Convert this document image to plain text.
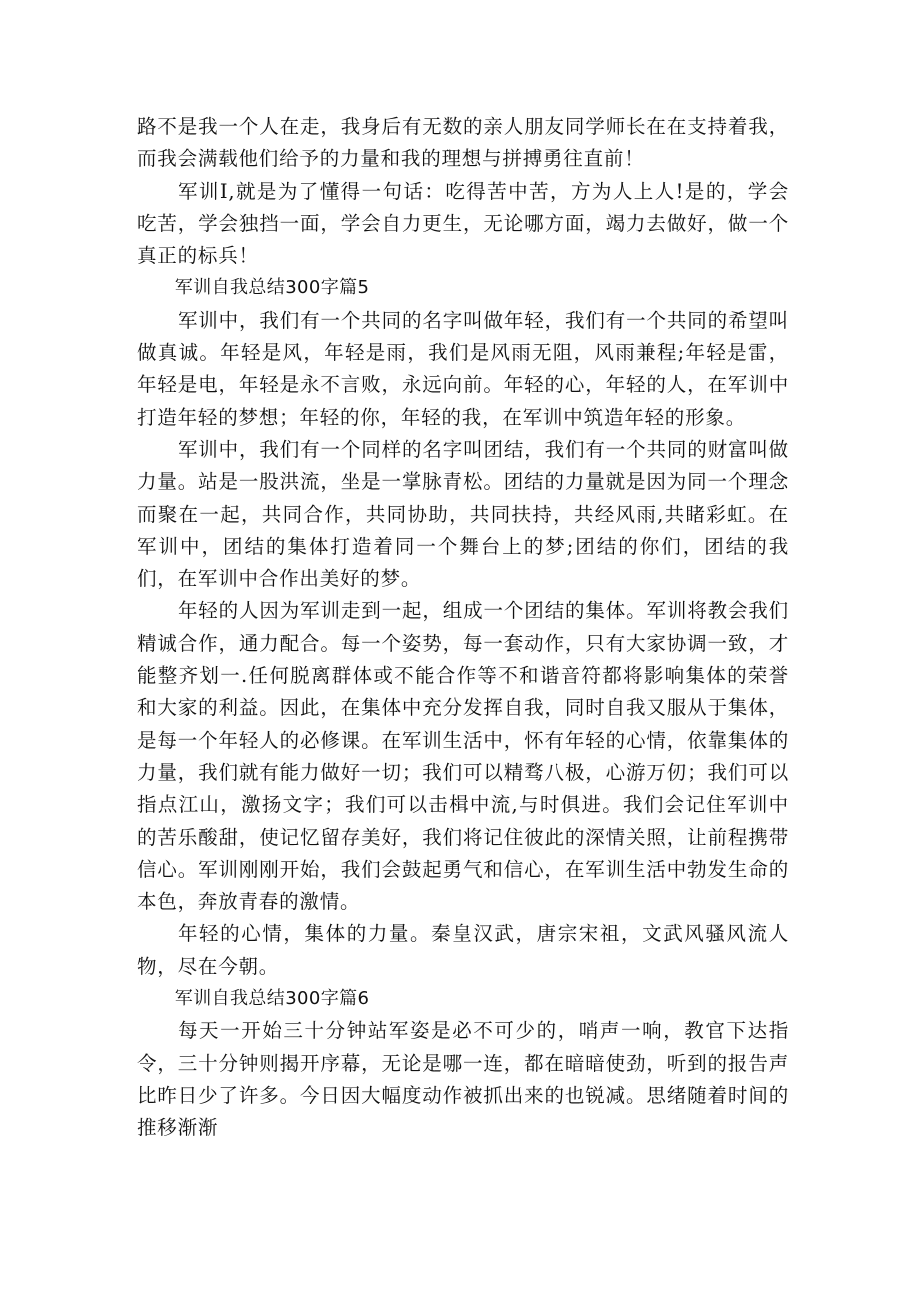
路不是我一个人在走，我身后有无数的亲人朋友同学师长在在支持着我，而我会满载他们给予的力量和我的理想与拼搏勇往直前！

军训I,就是为了懂得一句话：吃得苦中苦，方为人上人!是的，学会吃苦，学会独挡一面，学会自力更生，无论哪方面，竭力去做好，做一个真正的标兵！

军训自我总结300字篇5

军训中，我们有一个共同的名字叫做年轻，我们有一个共同的希望叫做真诚。年轻是风，年轻是雨，我们是风雨无阻，风雨兼程;年轻是雷，年轻是电，年轻是永不言败，永远向前。年轻的心，年轻的人，在军训中打造年轻的梦想；年轻的你，年轻的我，在军训中筑造年轻的形象。

军训中，我们有一个同样的名字叫团结，我们有一个共同的财富叫做力量。站是一股洪流，坐是一掌脉青松。团结的力量就是因为同一个理念而聚在一起，共同合作，共同协助，共同扶持，共经风雨,共睹彩虹。在军训中，团结的集体打造着同一个舞台上的梦;团结的你们，团结的我们，在军训中合作出美好的梦。

年轻的人因为军训走到一起，组成一个团结的集体。军训将教会我们精诚合作，通力配合。每一个姿势，每一套动作，只有大家协调一致，才能整齐划一.任何脱离群体或不能合作等不和谐音符都将影响集体的荣誉和大家的利益。因此，在集体中充分发挥自我，同时自我又服从于集体，是每一个年轻人的必修课。在军训生活中，怀有年轻的心情，依靠集体的力量，我们就有能力做好一切；我们可以精骛八极，心游万仞；我们可以指点江山，激扬文字；我们可以击楫中流,与时俱进。我们会记住军训中的苦乐酸甜，使记忆留存美好，我们将记住彼此的深情关照，让前程携带信心。军训刚刚开始，我们会鼓起勇气和信心，在军训生活中勃发生命的本色，奔放青春的激情。

年轻的心情，集体的力量。秦皇汉武，唐宗宋祖，文武风骚风流人物，尽在今朝。

军训自我总结300字篇6

每天一开始三十分钟站军姿是必不可少的，哨声一响，教官下达指令，三十分钟则揭开序幕，无论是哪一连，都在暗暗使劲，听到的报告声比昨日少了许多。今日因大幅度动作被抓出来的也锐减。思绪随着时间的推移渐渐
